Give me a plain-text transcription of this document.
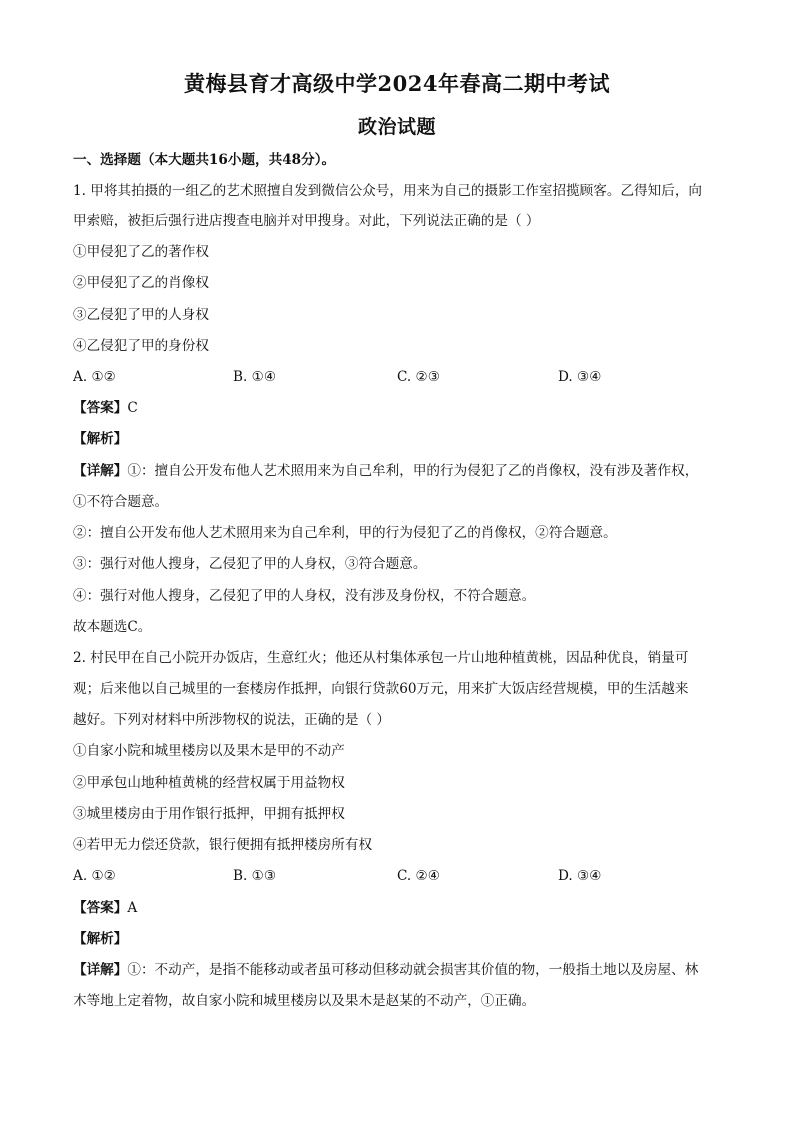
黄梅县育才高级中学2024年春高二期中考试
政治试题
一、选择题（本大题共16小题，共48分）。
1. 甲将其拍摄的一组乙的艺术照擅自发到微信公众号，用来为自己的摄影工作室招揽顾客。乙得知后，向
甲索赔，被拒后强行进店搜查电脑并对甲搜身。对此，下列说法正确的是（ ）
①甲侵犯了乙的著作权
②甲侵犯了乙的肖像权
③乙侵犯了甲的人身权
④乙侵犯了甲的身份权
A. ①②	B. ①④	C. ②③	D. ③④
【答案】C
【解析】
【详解】①：擅自公开发布他人艺术照用来为自己牟利，甲的行为侵犯了乙的肖像权，没有涉及著作权，
①不符合题意。
②：擅自公开发布他人艺术照用来为自己牟利，甲的行为侵犯了乙的肖像权，②符合题意。
③：强行对他人搜身，乙侵犯了甲的人身权，③符合题意。
④：强行对他人搜身，乙侵犯了甲的人身权，没有涉及身份权，不符合题意。
故本题选C。
2. 村民甲在自己小院开办饭店，生意红火；他还从村集体承包一片山地种植黄桃，因品种优良，销量可
观；后来他以自己城里的一套楼房作抵押，向银行贷款60万元，用来扩大饭店经营规模，甲的生活越来
越好。下列对材料中所涉物权的说法，正确的是（ ）
①自家小院和城里楼房以及果木是甲的不动产
②甲承包山地种植黄桃的经营权属于用益物权
③城里楼房由于用作银行抵押，甲拥有抵押权
④若甲无力偿还贷款，银行便拥有抵押楼房所有权
A. ①②	B. ①③	C. ②④	D. ③④
【答案】A
【解析】
【详解】①：不动产，是指不能移动或者虽可移动但移动就会损害其价值的物，一般指土地以及房屋、林
木等地上定着物，故自家小院和城里楼房以及果木是赵某的不动产，①正确。
